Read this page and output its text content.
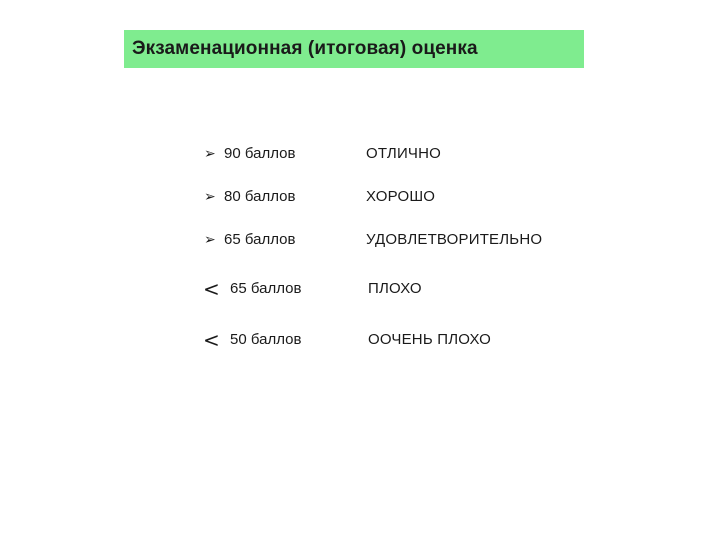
Экзаменационная (итоговая) оценка
➢ 90 баллов	ОТЛИЧНО
➢ 80 баллов	ХОРОШО
➢ 65 баллов	УДОВЛЕТВОРИТЕЛЬНО
< 65 баллов	ПЛОХО
< 50 баллов	ООЧЕНЬ ПЛОХО
